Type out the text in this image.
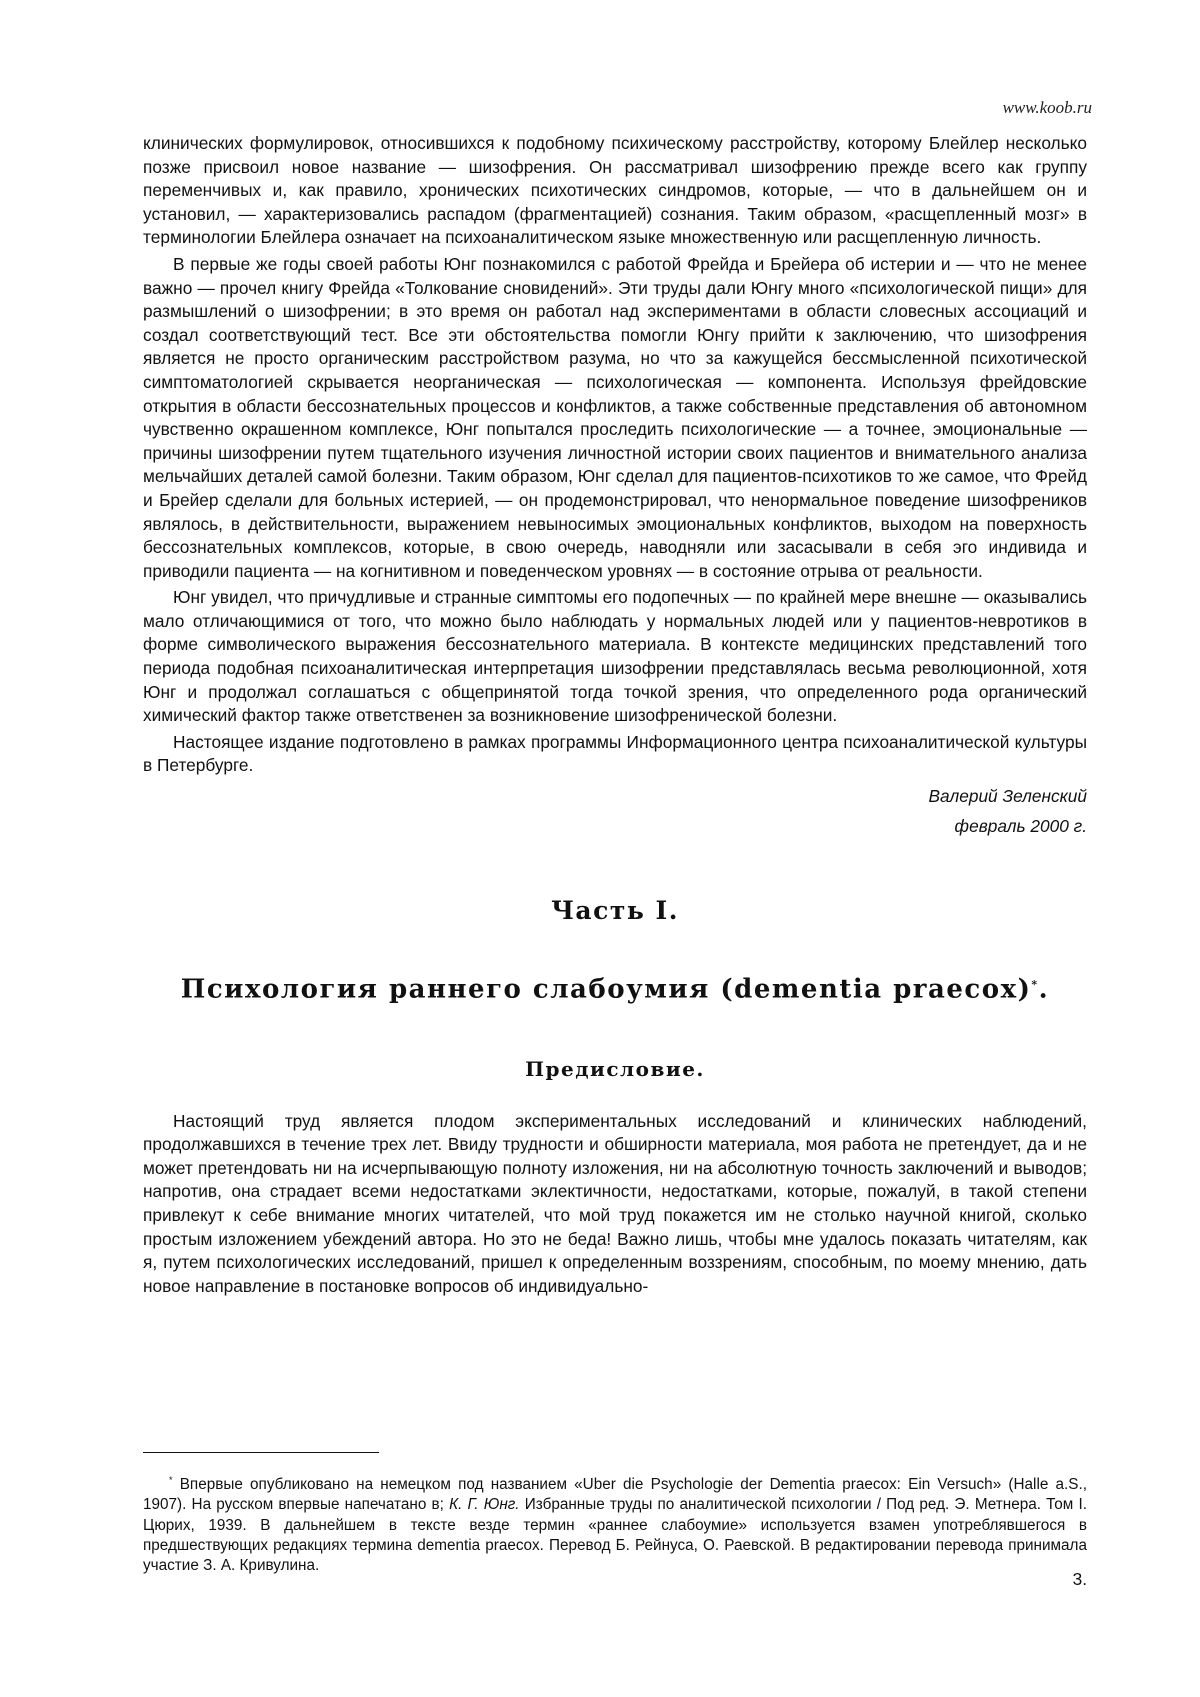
www.koob.ru

клинических формулировок, относившихся к подобному психическому расстройству, которому Блейлер несколько позже присвоил новое название — шизофрения. Он рассматривал шизофрению прежде всего как группу переменчивых и, как правило, хронических психотических синдромов, которые, — что в дальнейшем он и установил, — характеризовались распадом (фрагментацией) сознания. Таким образом, «расщепленный мозг» в терминологии Блейлера означает на психоаналитическом языке множественную или расщепленную личность.

В первые же годы своей работы Юнг познакомился с работой Фрейда и Брейера об истерии и — что не менее важно — прочел книгу Фрейда «Толкование сновидений». Эти труды дали Юнгу много «психологической пищи» для размышлений о шизофрении; в это время он работал над экспериментами в области словесных ассоциаций и создал соответствующий тест. Все эти обстоятельства помогли Юнгу прийти к заключению, что шизофрения является не просто органическим расстройством разума, но что за кажущейся бессмысленной психотической симптоматологией скрывается неорганическая — психологическая — компонента. Используя фрейдовские открытия в области бессознательных процессов и конфликтов, а также собственные представления об автономном чувственно окрашенном комплексе, Юнг попытался проследить психологические — а точнее, эмоциональные — причины шизофрении путем тщательного изучения личностной истории своих пациентов и внимательного анализа мельчайших деталей самой болезни. Таким образом, Юнг сделал для пациентов-психотиков то же самое, что Фрейд и Брейер сделали для больных истерией, — он продемонстрировал, что ненормальное поведение шизофреников являлось, в действительности, выражением невыносимых эмоциональных конфликтов, выходом на поверхность бессознательных комплексов, которые, в свою очередь, наводняли или засасывали в себя эго индивида и приводили пациента — на когнитивном и поведенческом уровнях — в состояние отрыва от реальности.

Юнг увидел, что причудливые и странные симптомы его подопечных — по крайней мере внешне — оказывались мало отличающимися от того, что можно было наблюдать у нормальных людей или у пациентов-невротиков в форме символического выражения бессознательного материала. В контексте медицинских представлений того периода подобная психоаналитическая интерпретация шизофрении представлялась весьма революционной, хотя Юнг и продолжал соглашаться с общепринятой тогда точкой зрения, что определенного рода органический химический фактор также ответственен за возникновение шизофренической болезни.

Настоящее издание подготовлено в рамках программы Информационного центра психоаналитической культуры в Петербурге.

Валерий Зеленский
февраль 2000 г.
Часть I.
Психология раннего слабоумия (dementia praecox)*.
Предисловие.

Настоящий труд является плодом экспериментальных исследований и клинических наблюдений, продолжавшихся в течение трех лет. Ввиду трудности и обширности материала, моя работа не претендует, да и не может претендовать ни на исчерпывающую полноту изложения, ни на абсолютную точность заключений и выводов; напротив, она страдает всеми недостатками эклектичности, недостатками, которые, пожалуй, в такой степени привлекут к себе внимание многих читателей, что мой труд покажется им не столько научной книгой, сколько простым изложением убеждений автора. Но это не беда! Важно лишь, чтобы мне удалось показать читателям, как я, путем психологических исследований, пришел к определенным воззрениям, способным, по моему мнению, дать новое направление в постановке вопросов об индивидуально-

* Впервые опубликовано на немецком под названием «Uber die Psychologie der Dementia praecox: Ein Versuch» (Halle a.S., 1907). На русском впервые напечатано в; К. Г. Юнг. Избранные труды по аналитической психологии / Под ред. Э. Метнера. Том I. Цюрих, 1939. В дальнейшем в тексте везде термин «раннее слабоумие» используется взамен употреблявшегося в предшествующих редакциях термина dementia praecox. Перевод Б. Рейнуса, О. Раевской. В редактировании перевода принимала участие З. А. Кривулина.
3.
